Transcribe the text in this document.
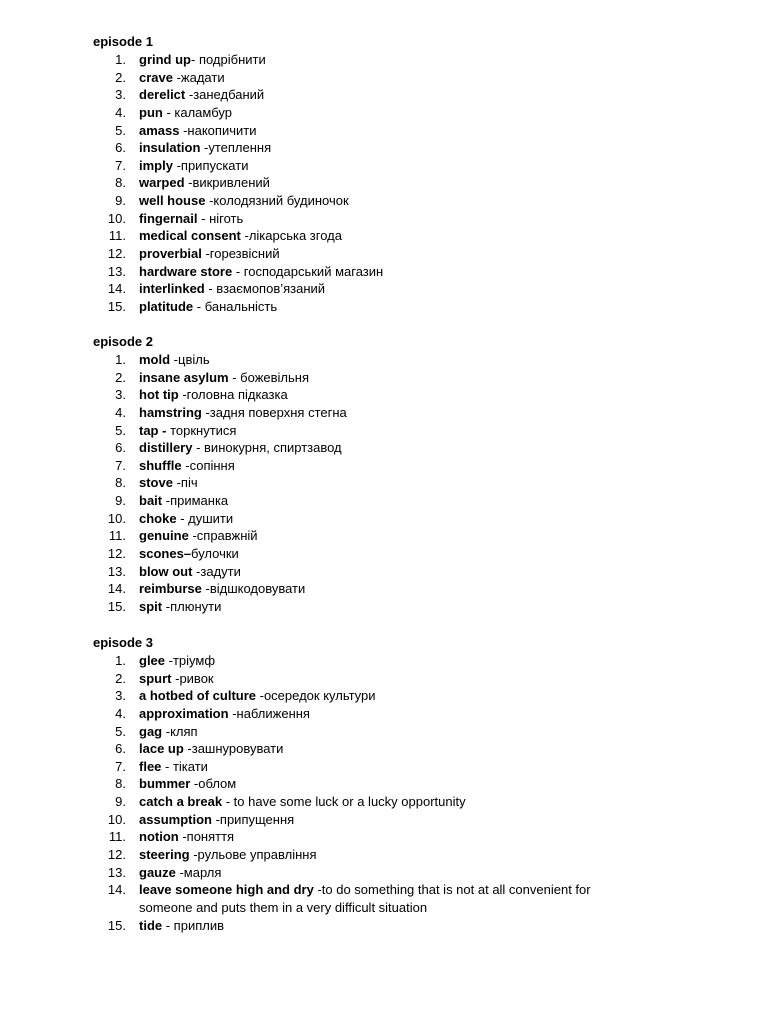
episode 1
1. grind up- подрібнити
2. crave -жадати
3. derelict -занедбаний
4. pun - каламбур
5. amass -накопичити
6. insulation -утеплення
7. imply -припускати
8. warped -викривлений
9. well house -колодязний будиночок
10. fingernail - ніготь
11. medical consent -лікарська згода
12. proverbial -горезвісний
13. hardware store - господарський магазин
14. interlinked - взаємопов’язаний
15. platitude - банальність
episode 2
1. mold -цвіль
2. insane asylum - божевільня
3. hot tip -головна підказка
4. hamstring -задня поверхня стегна
5. tap - торкнутися
6. distillery - винокурня, спиртзавод
7. shuffle -сопіння
8. stove -піч
9. bait -приманка
10. choke - душити
11. genuine -справжній
12. scones–булочки
13. blow out -задути
14. reimburse -відшкодовувати
15. spit -плюнути
episode 3
1. glee -тріумф
2. spurt -ривок
3. a hotbed of culture -осередок культури
4. approximation -наближення
5. gag -кляп
6. lace up -зашнуровувати
7. flee - тікати
8. bummer -облом
9. catch a break - to have some luck or a lucky opportunity
10. assumption -припущення
11. notion -поняття
12. steering -рульове управління
13. gauze -марля
14. leave someone high and dry -to do something that is not at all convenient for someone and puts them in a very difficult situation
15. tide - приплив
